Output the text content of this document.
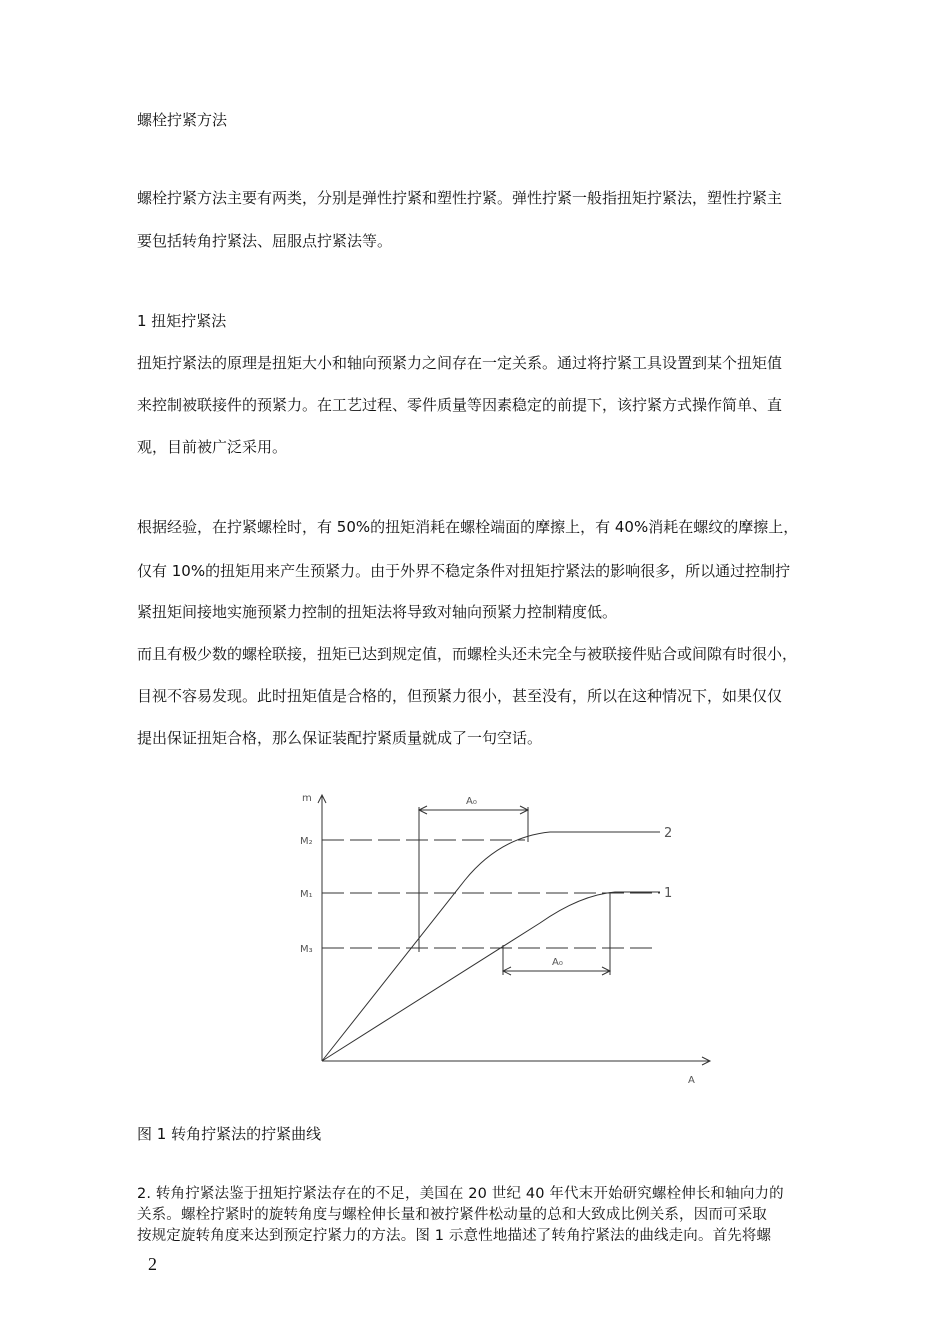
螺栓拧紧方法
螺栓拧紧方法主要有两类，分别是弹性拧紧和塑性拧紧。弹性拧紧一般指扭矩拧紧法，塑性拧紧主
要包括转角拧紧法、屈服点拧紧法等。
1 扭矩拧紧法
扭矩拧紧法的原理是扭矩大小和轴向预紧力之间存在一定关系。通过将拧紧工具设置到某个扭矩值
来控制被联接件的预紧力。在工艺过程、零件质量等因素稳定的前提下，该拧紧方式操作简单、直
观，目前被广泛采用。
根据经验，在拧紧螺栓时，有 50%的扭矩消耗在螺栓端面的摩擦上，有 40%消耗在螺纹的摩擦上，
仅有 10%的扭矩用来产生预紧力。由于外界不稳定条件对扭矩拧紧法的影响很多，所以通过控制拧
紧扭矩间接地实施预紧力控制的扭矩法将导致对轴向预紧力控制精度低。
而且有极少数的螺栓联接，扭矩已达到规定值，而螺栓头还未完全与被联接件贴合或间隙有时很小，
目视不容易发现。此时扭矩值是合格的，但预紧力很小，甚至没有，所以在这种情况下，如果仅仅
提出保证扭矩合格，那么保证装配拧紧质量就成了一句空话。
m
M₂
M₁
M₃
A₀
A₀
A
2
1
图 1 转角拧紧法的拧紧曲线
2. 转角拧紧法鉴于扭矩拧紧法存在的不足，美国在 20 世纪 40 年代末开始研究螺栓伸长和轴向力的
关系。螺栓拧紧时的旋转角度与螺栓伸长量和被拧紧件松动量的总和大致成比例关系，因而可采取
按规定旋转角度来达到预定拧紧力的方法。图 1 示意性地描述了转角拧紧法的曲线走向。首先将螺
2
